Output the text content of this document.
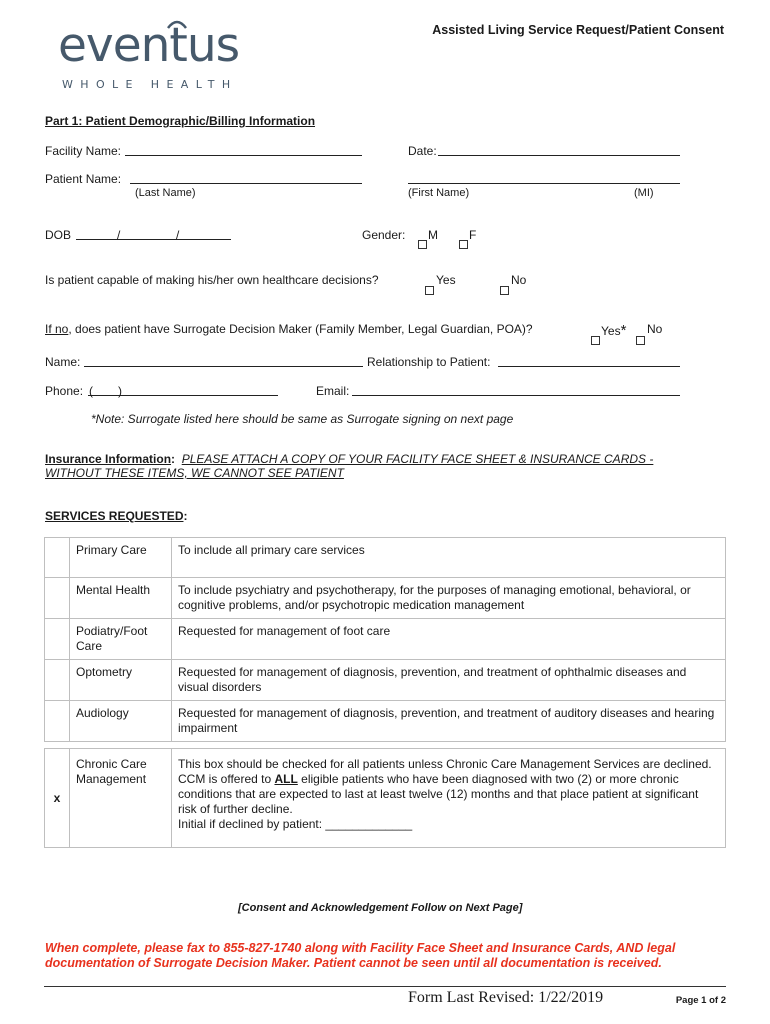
Assisted Living Service Request/Patient Consent
eventus
WHOLE HEALTH
Part 1: Patient Demographic/Billing Information
Facility Name:	Date:
Patient Name:
(Last Name)	(First Name)	(MI)
DOB	/	/	Gender: M	F
Is patient capable of making his/her own healthcare decisions?	Yes	No
If no, does patient have Surrogate Decision Maker (Family Member, Legal Guardian, POA)?	Yes* No
Name:	Relationship to Patient:
Phone: ( )	Email:
*Note: Surrogate listed here should be same as Surrogate signing on next page
Insurance Information: PLEASE ATTACH A COPY OF YOUR FACILITY FACE SHEET & INSURANCE CARDS -
WITHOUT THESE ITEMS, WE CANNOT SEE PATIENT
SERVICES REQUESTED:
	Primary Care	To include all primary care services
	Mental Health	To include psychiatry and psychotherapy, for the purposes of managing emotional, behavioral, or cognitive problems, and/or psychotropic medication management
	Podiatry/Foot Care	Requested for management of foot care
	Optometry	Requested for management of diagnosis, prevention, and treatment of ophthalmic diseases and visual disorders
	Audiology	Requested for management of diagnosis, prevention, and treatment of auditory diseases and hearing impairment
x	Chronic Care Management	This box should be checked for all patients unless Chronic Care Management Services are declined. CCM is offered to ALL eligible patients who have been diagnosed with two (2) or more chronic conditions that are expected to last at least twelve (12) months and that place patient at significant risk of further decline.
Initial if declined by patient: _____________
[Consent and Acknowledgement Follow on Next Page]
When complete, please fax to 855-827-1740 along with Facility Face Sheet and Insurance Cards, AND legal
documentation of Surrogate Decision Maker. Patient cannot be seen until all documentation is received.
Form Last Revised: 1/22/2019	Page 1 of 2
